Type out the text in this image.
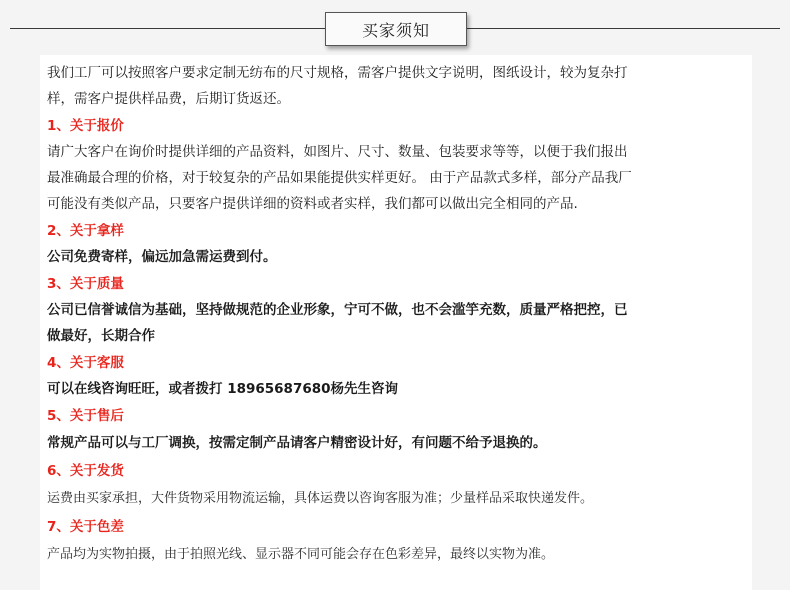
买家须知
我们工厂可以按照客户要求定制无纺布的尺寸规格，需客户提供文字说明，图纸设计，较为复杂打
样，需客户提供样品费，后期订货返还。
1、关于报价
请广大客户在询价时提供详细的产品资料，如图片、尺寸、数量、包装要求等等，以便于我们报出
最准确最合理的价格，对于较复杂的产品如果能提供实样更好。 由于产品款式多样，部分产品我厂
可能没有类似产品，只要客户提供详细的资料或者实样，我们都可以做出完全相同的产品.
2、关于拿样
公司免费寄样，偏远加急需运费到付。
3、关于质量
公司已信誉诚信为基础，坚持做规范的企业形象，宁可不做，也不会滥竽充数，质量严格把控，已
做最好，长期合作
4、关于客服
可以在线咨询旺旺，或者拨打 18965687680杨先生咨询
5、关于售后
常规产品可以与工厂调换，按需定制产品请客户精密设计好，有问题不给予退换的。
6、关于发货
运费由买家承担，大件货物采用物流运输，具体运费以咨询客服为准；少量样品采取快递发件。
7、关于色差
产品均为实物拍摄，由于拍照光线、显示器不同可能会存在色彩差异，最终以实物为准。
